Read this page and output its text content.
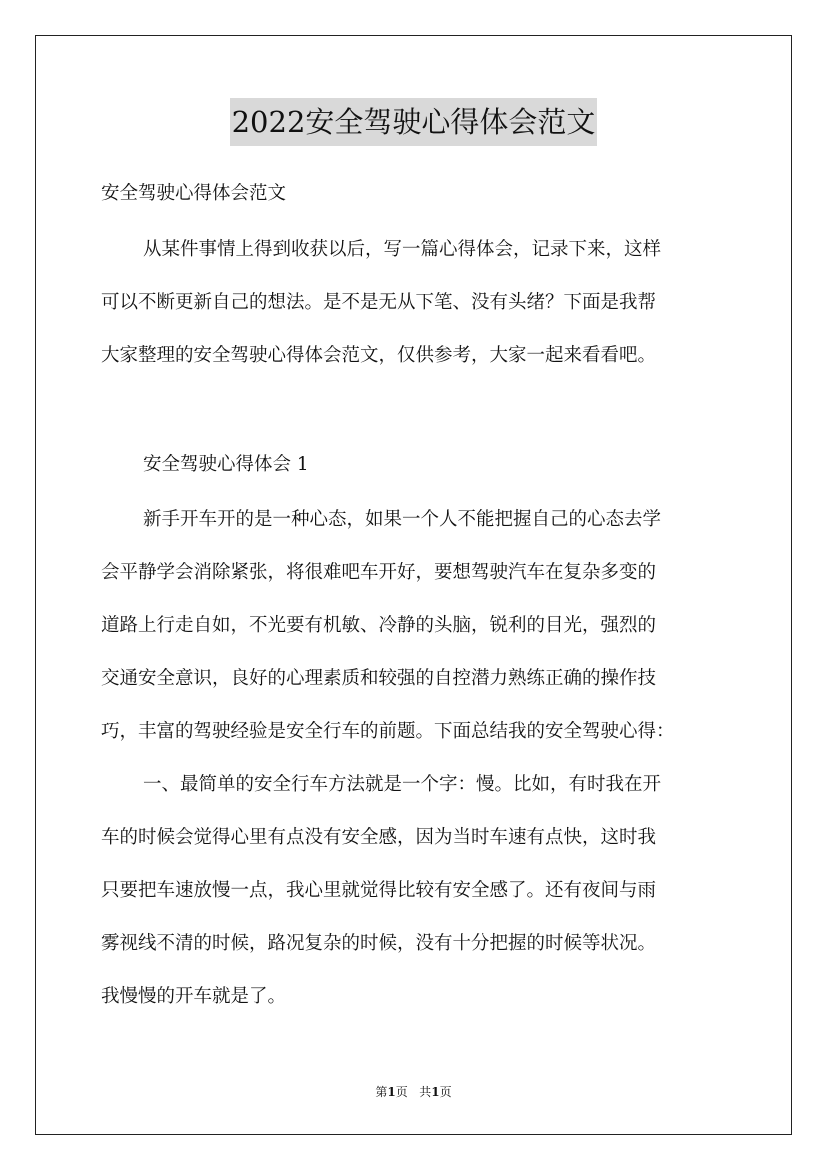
2022安全驾驶心得体会范文

安全驾驶心得体会范文

从某件事情上得到收获以后，写一篇心得体会，记录下来，这样
可以不断更新自己的想法。是不是无从下笔、没有头绪？下面是我帮
大家整理的安全驾驶心得体会范文，仅供参考，大家一起来看看吧。

安全驾驶心得体会 1

新手开车开的是一种心态，如果一个人不能把握自己的心态去学
会平静学会消除紧张，将很难吧车开好，要想驾驶汽车在复杂多变的
道路上行走自如，不光要有机敏、冷静的头脑，锐利的目光，强烈的
交通安全意识，良好的心理素质和较强的自控潜力熟练正确的操作技
巧，丰富的驾驶经验是安全行车的前题。下面总结我的安全驾驶心得：
一、最简单的安全行车方法就是一个字：慢。比如，有时我在开
车的时候会觉得心里有点没有安全感，因为当时车速有点快，这时我
只要把车速放慢一点，我心里就觉得比较有安全感了。还有夜间与雨
雾视线不清的时候，路况复杂的时候，没有十分把握的时候等状况。
我慢慢的开车就是了。

第1页 共1页
